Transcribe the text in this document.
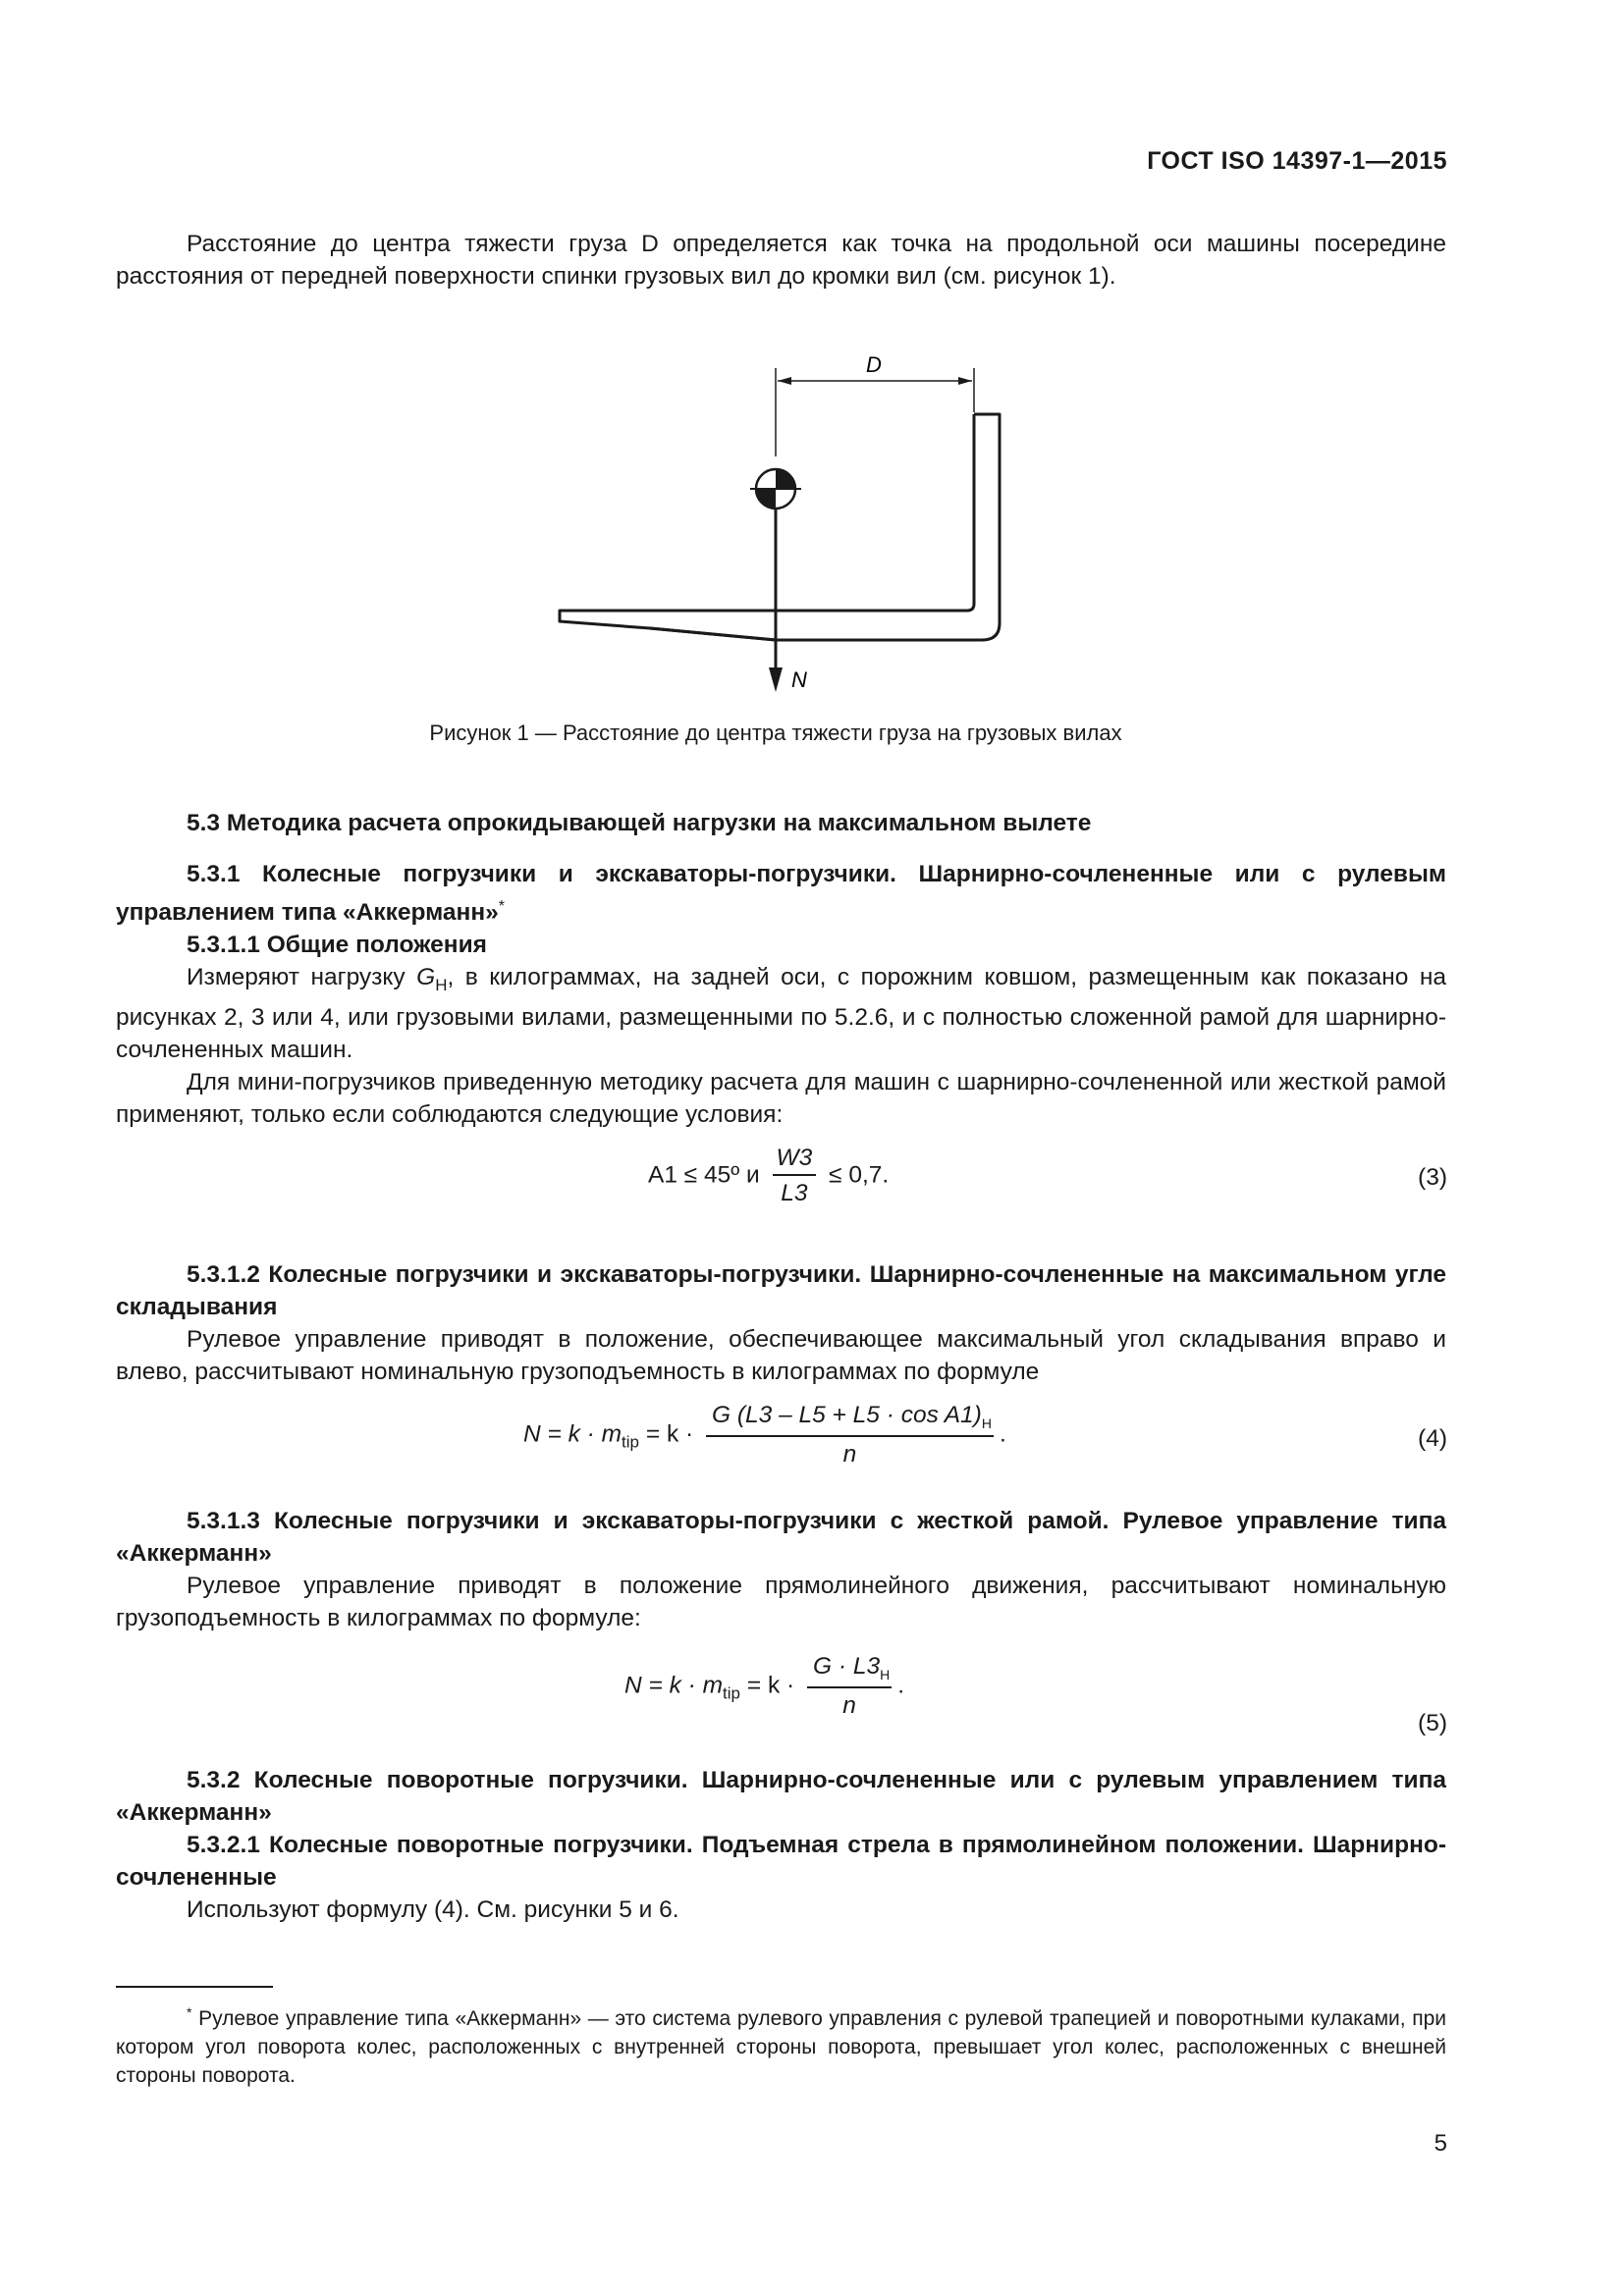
ГОСТ ISO 14397-1—2015

Расстояние до центра тяжести груза D определяется как точка на продольной оси машины посередине расстояния от передней поверхности спинки грузовых вил до кромки вил (см. рисунок 1).

D
N
Рисунок 1 — Расстояние до центра тяжести груза на грузовых вилах

5.3 Методика расчета опрокидывающей нагрузки на максимальном вылете

5.3.1 Колесные погрузчики и экскаваторы-погрузчики. Шарнирно-сочлененные или с рулевым управлением типа «Аккерманн»*

5.3.1.1 Общие положения

Измеряют нагрузку $G_H$, в килограммах, на задней оси, с порожним ковшом, размещенным как показано на рисунках 2, 3 или 4, или грузовыми вилами, размещенными по 5.2.6, и с полностью сложенной рамой для шарнирно-сочлененных машин.

Для мини-погрузчиков приведенную методику расчета для машин с шарнирно-сочлененной или жесткой рамой применяют, только если соблюдаются следующие условия:

A1 ≤ 45º и $\frac{W3}{L3} \le 0,7$.	(3)

5.3.1.2 Колесные погрузчики и экскаваторы-погрузчики. Шарнирно-сочлененные на максимальном угле складывания

Рулевое управление приводят в положение, обеспечивающее максимальный угол складывания вправо и влево, рассчитывают номинальную грузоподъемность в килограммах по формуле

$N = k \cdot m_{tip} = k \cdot \frac{G (L3 - L5 + L5 \cdot \cos A1)_H}{n}$ .	(4)

5.3.1.3 Колесные погрузчики и экскаваторы-погрузчики с жесткой рамой. Рулевое управление типа «Аккерманн»

Рулевое управление приводят в положение прямолинейного движения, рассчитывают номинальную грузоподъемность в килограммах по формуле:

$N = k \cdot m_{tip} = k \cdot \frac{G \cdot L3_H}{n}$ .
(5)

5.3.2 Колесные поворотные погрузчики. Шарнирно-сочлененные или с рулевым управлением типа «Аккерманн»

5.3.2.1 Колесные поворотные погрузчики. Подъемная стрела в прямолинейном положении. Шарнирно-сочлененные

Используют формулу (4). См. рисунки 5 и 6.

* Рулевое управление типа «Аккерманн» — это система рулевого управления с рулевой трапецией и поворотными кулаками, при котором угол поворота колес, расположенных с внутренней стороны поворота, превышает угол колес, расположенных с внешней стороны поворота.

5
